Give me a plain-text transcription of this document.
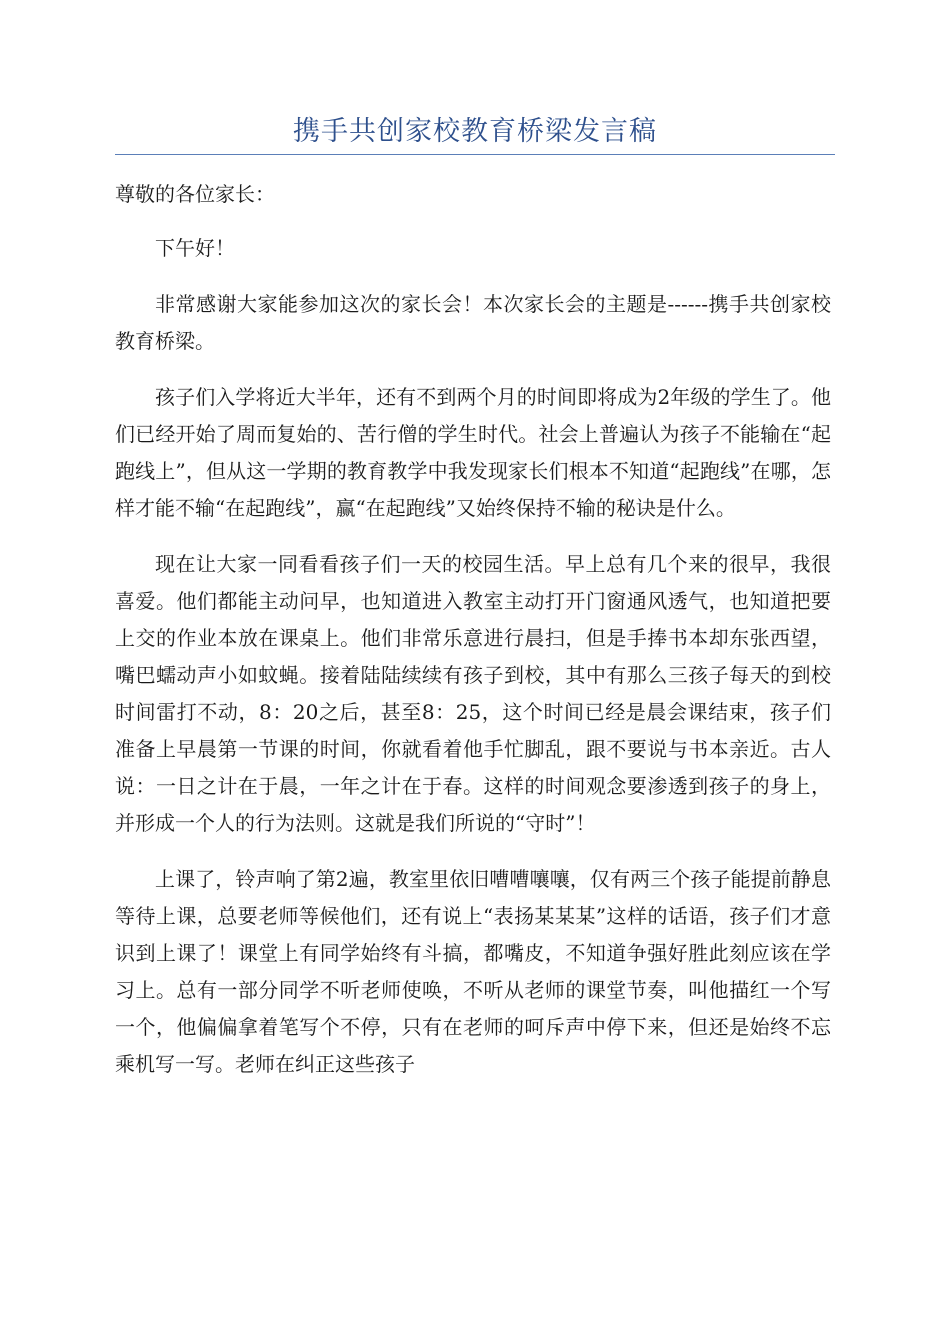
携手共创家校教育桥梁发言稿

尊敬的各位家长：

下午好！

非常感谢大家能参加这次的家长会！本次家长会的主题是------携手共创家校教育桥梁。

孩子们入学将近大半年，还有不到两个月的时间即将成为2年级的学生了。他们已经开始了周而复始的、苦行僧的学生时代。社会上普遍认为孩子不能输在“起跑线上”，但从这一学期的教育教学中我发现家长们根本不知道“起跑线”在哪，怎样才能不输“在起跑线”，赢“在起跑线”又始终保持不输的秘诀是什么。

现在让大家一同看看孩子们一天的校园生活。早上总有几个来的很早，我很喜爱。他们都能主动问早，也知道进入教室主动打开门窗通风透气，也知道把要上交的作业本放在课桌上。他们非常乐意进行晨扫，但是手捧书本却东张西望，嘴巴蠕动声小如蚊蝇。接着陆陆续续有孩子到校，其中有那么三孩子每天的到校时间雷打不动，8：20之后，甚至8：25，这个时间已经是晨会课结束，孩子们准备上早晨第一节课的时间，你就看着他手忙脚乱，跟不要说与书本亲近。古人说：一日之计在于晨，一年之计在于春。这样的时间观念要渗透到孩子的身上，并形成一个人的行为法则。这就是我们所说的“守时”！

上课了，铃声响了第2遍，教室里依旧嘈嘈嚷嚷，仅有两三个孩子能提前静息等待上课，总要老师等候他们，还有说上“表扬某某某”这样的话语，孩子们才意识到上课了！课堂上有同学始终有斗搞，都嘴皮，不知道争强好胜此刻应该在学习上。总有一部分同学不听老师使唤，不听从老师的课堂节奏，叫他描红一个写一个，他偏偏拿着笔写个不停，只有在老师的呵斥声中停下来，但还是始终不忘乘机写一写。老师在纠正这些孩子
